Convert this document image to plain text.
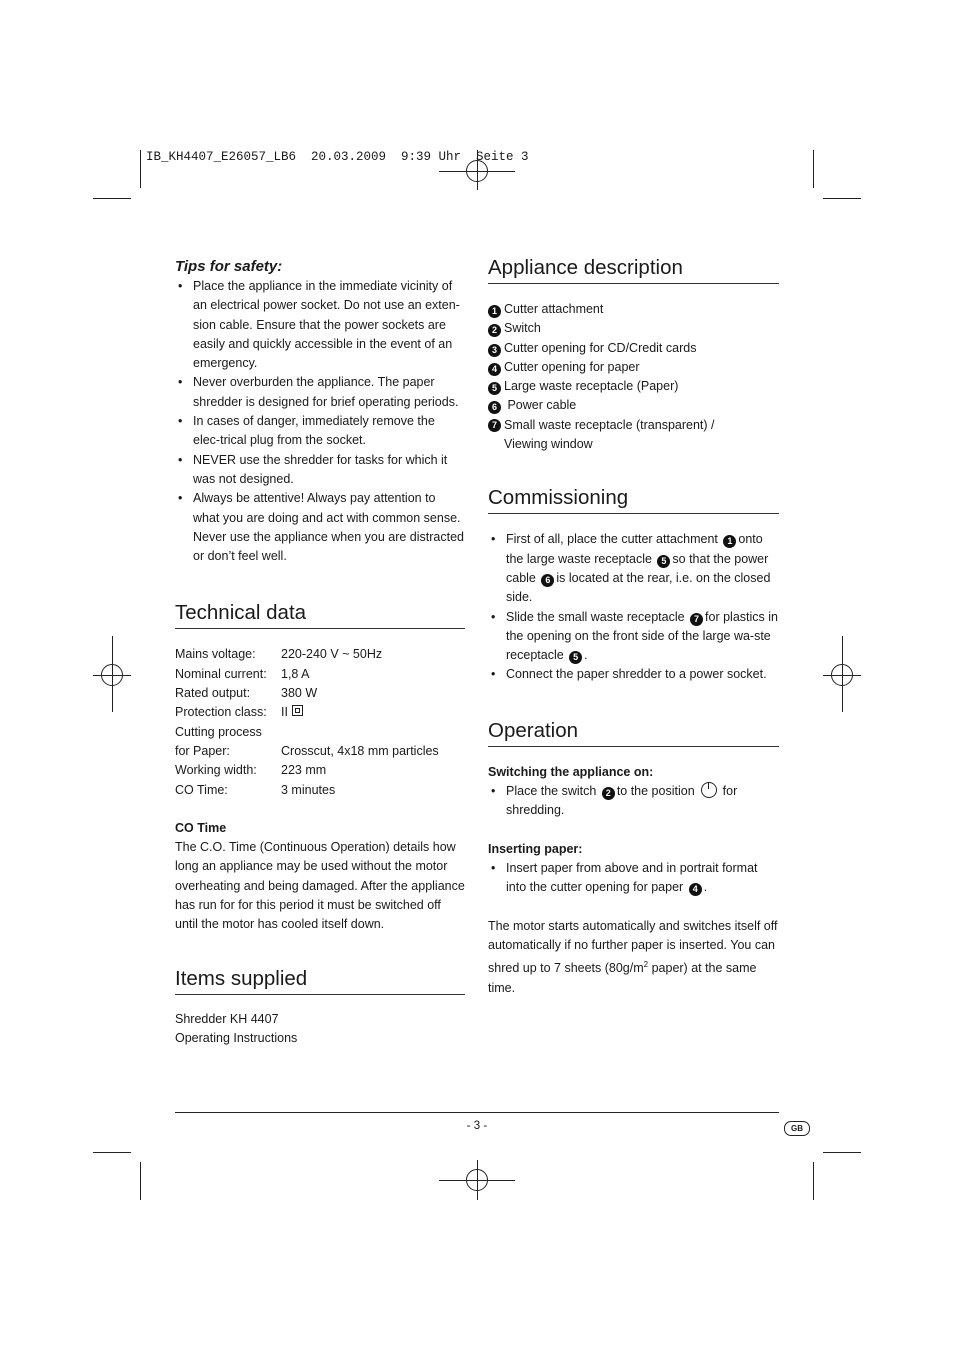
IB_KH4407_E26057_LB6  20.03.2009  9:39 Uhr  Seite 3
Tips for safety:
• Place the appliance in the immediate vicinity of an electrical power socket. Do not use an exten-sion cable. Ensure that the power sockets are easily and quickly accessible in the event of an emergency.
• Never overburden the appliance. The paper shredder is designed for brief operating periods.
• In cases of danger, immediately remove the elec-trical plug from the socket.
• NEVER use the shredder for tasks for which it was not designed.
• Always be attentive! Always pay attention to what you are doing and act with common sense. Never use the appliance when you are distracted or don’t feel well.
Technical data
Mains voltage:	220-240 V ~ 50Hz
Nominal current:	1,8 A
Rated output:	380 W
Protection class:	II
Cutting process
for Paper:	Crosscut, 4x18 mm particles
Working width:	223 mm
CO Time:	3 minutes
CO Time

The C.O. Time (Continuous Operation) details how long an appliance may be used without the motor overheating and being damaged. After the appliance has run for for this period it must be switched off until the motor has cooled itself down.

Items supplied
Shredder KH 4407
Operating Instructions
Appliance description
1 Cutter attachment
2 Switch
3 Cutter opening for CD/Credit cards
4 Cutter opening for paper
5 Large waste receptacle (Paper)
6 Power cable
7 Small waste receptacle (transparent) / Viewing window
Commissioning
• First of all, place the cutter attachment 1 onto the large waste receptacle 5 so that the power cable 6 is located at the rear, i.e. on the closed side.
• Slide the small waste receptacle 7 for plastics in the opening on the front side of the large wa-ste receptacle 5 .
• Connect the paper shredder to a power socket.
Operation
Switching the appliance on:
• Place the switch 2 to the position for shredding.
Inserting paper:
• Insert paper from above and in portrait format into the cutter opening for paper 4 .

The motor starts automatically and switches itself off automatically if no further paper is inserted. You can shred up to 7 sheets ($80g/m^2$ paper) at the same time.

- 3 -	GB
